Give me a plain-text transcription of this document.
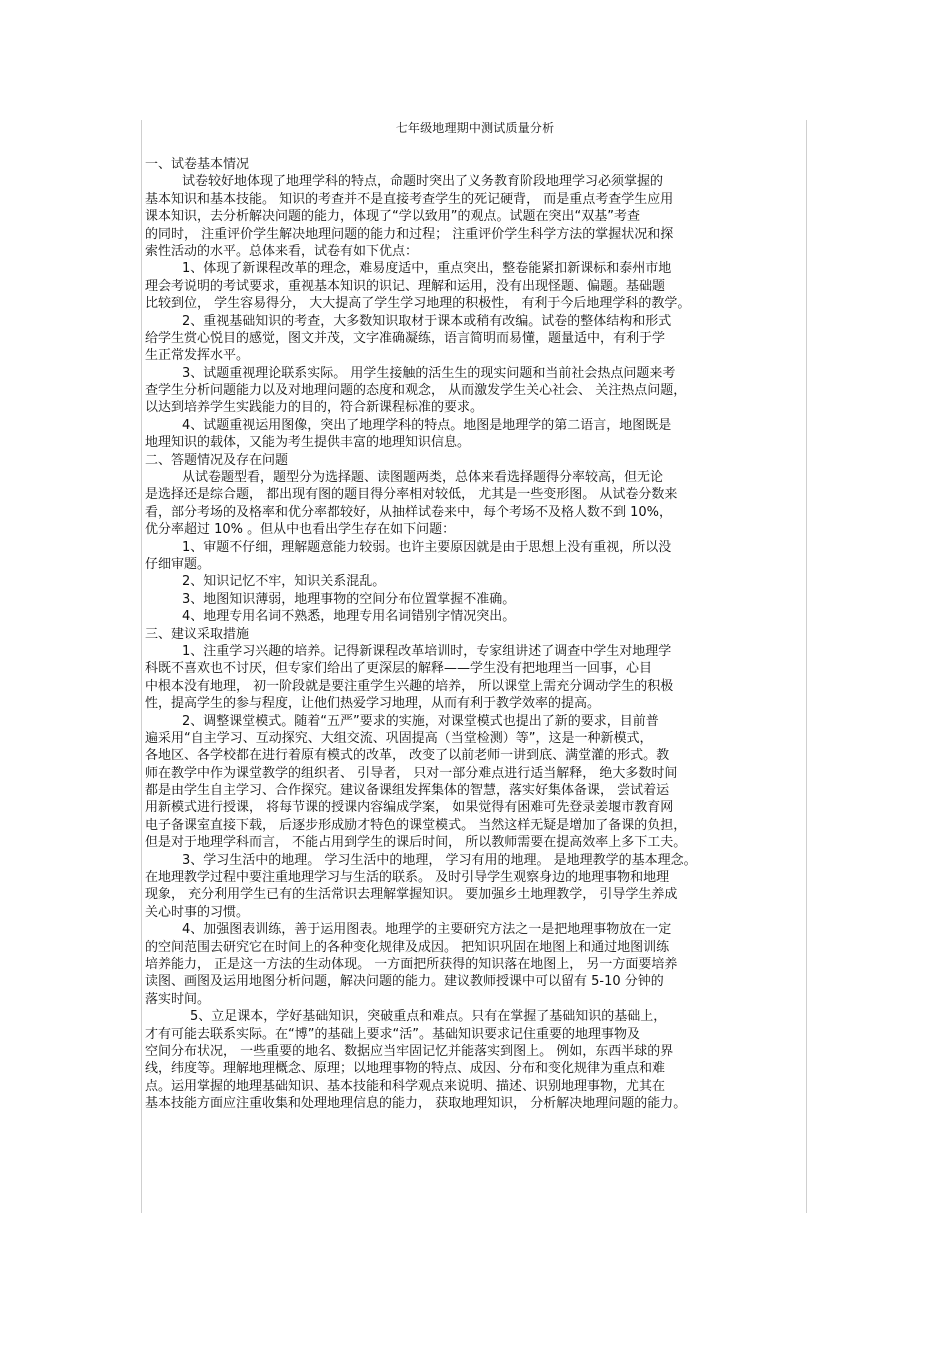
七年级地理期中测试质量分析
一、试卷基本情况
试卷较好地体现了地理学科的特点，命题时突出了义务教育阶段地理学习必须掌握的
基本知识和基本技能。 知识的考查并不是直接考查学生的死记硬背， 而是重点考查学生应用
课本知识，去分析解决问题的能力，体现了“学以致用”的观点。试题在突出“双基”考查
的同时， 注重评价学生解决地理问题的能力和过程； 注重评价学生科学方法的掌握状况和探
索性活动的水平。总体来看，试卷有如下优点：
1、体现了新课程改革的理念，难易度适中，重点突出，整卷能紧扣新课标和泰州市地
理会考说明的考试要求，重视基本知识的识记、理解和运用，没有出现怪题、偏题。基础题
比较到位， 学生容易得分， 大大提高了学生学习地理的积极性， 有利于今后地理学科的教学。
2、重视基础知识的考查，大多数知识取材于课本或稍有改编。试卷的整体结构和形式
给学生赏心悦目的感觉，图文并茂，文字准确凝练，语言简明而易懂，题量适中，有利于学
生正常发挥水平。
3、试题重视理论联系实际。 用学生接触的活生生的现实问题和当前社会热点问题来考
查学生分析问题能力以及对地理问题的态度和观念， 从而激发学生关心社会、 关注热点问题，
以达到培养学生实践能力的目的，符合新课程标准的要求。
4、试题重视运用图像，突出了地理学科的特点。地图是地理学的第二语言，地图既是
地理知识的载体，又能为考生提供丰富的地理知识信息。
二、答题情况及存在问题
从试卷题型看，题型分为选择题、读图题两类，总体来看选择题得分率较高，但无论
是选择还是综合题， 都出现有图的题目得分率相对较低， 尤其是一些变形图。 从试卷分数来
看，部分考场的及格率和优分率都较好，从抽样试卷来中，每个考场不及格人数不到 10%，
优分率超过 10% 。但从中也看出学生存在如下问题：
1、审题不仔细，理解题意能力较弱。也许主要原因就是由于思想上没有重视，所以没
仔细审题。
2、知识记忆不牢，知识关系混乱。
3、地图知识薄弱，地理事物的空间分布位置掌握不准确。
4、地理专用名词不熟悉，地理专用名词错别字情况突出。
三、建议采取措施
1、注重学习兴趣的培养。记得新课程改革培训时，专家组讲述了调查中学生对地理学
科既不喜欢也不讨厌，但专家们给出了更深层的解释——学生没有把地理当一回事，心目
中根本没有地理， 初一阶段就是要注重学生兴趣的培养， 所以课堂上需充分调动学生的积极
性，提高学生的参与程度，让他们热爱学习地理，从而有利于教学效率的提高。
2、调整课堂模式。随着“五严”要求的实施，对课堂模式也提出了新的要求，目前普
遍采用“自主学习、互动探究、大组交流、巩固提高（当堂检测）等”，这是一种新模式，
各地区、各学校都在进行着原有模式的改革， 改变了以前老师一讲到底、满堂灌的形式。教
师在教学中作为课堂教学的组织者、 引导者， 只对一部分难点进行适当解释， 绝大多数时间
都是由学生自主学习、合作探究。建议备课组发挥集体的智慧，落实好集体备课， 尝试着运
用新模式进行授课， 将每节课的授课内容编成学案， 如果觉得有困难可先登录姜堰市教育网
电子备课室直接下载， 后逐步形成励才特色的课堂模式。 当然这样无疑是增加了备课的负担，
但是对于地理学科而言， 不能占用到学生的课后时间， 所以教师需要在提高效率上多下工夫。
3、学习生活中的地理。 学习生活中的地理， 学习有用的地理。 是地理教学的基本理念。
在地理教学过程中要注重地理学习与生活的联系。 及时引导学生观察身边的地理事物和地理
现象， 充分利用学生已有的生活常识去理解掌握知识。 要加强乡土地理教学， 引导学生养成
关心时事的习惯。
4、加强图表训练，善于运用图表。地理学的主要研究方法之一是把地理事物放在一定
的空间范围去研究它在时间上的各种变化规律及成因。 把知识巩固在地图上和通过地图训练
培养能力， 正是这一方法的生动体现。 一方面把所获得的知识落在地图上， 另一方面要培养
读图、画图及运用地图分析问题，解决问题的能力。建议教师授课中可以留有 5-10 分钟的
落实时间。
5、立足课本，学好基础知识，突破重点和难点。只有在掌握了基础知识的基础上，
才有可能去联系实际。在“博”的基础上要求“活”。基础知识要求记住重要的地理事物及
空间分布状况， 一些重要的地名、数据应当牢固记忆并能落实到图上。 例如，东西半球的界
线，纬度等。理解地理概念、原理；以地理事物的特点、成因、分布和变化规律为重点和难
点。运用掌握的地理基础知识、基本技能和科学观点来说明、描述、识别地理事物，尤其在
基本技能方面应注重收集和处理地理信息的能力， 获取地理知识， 分析解决地理问题的能力。
